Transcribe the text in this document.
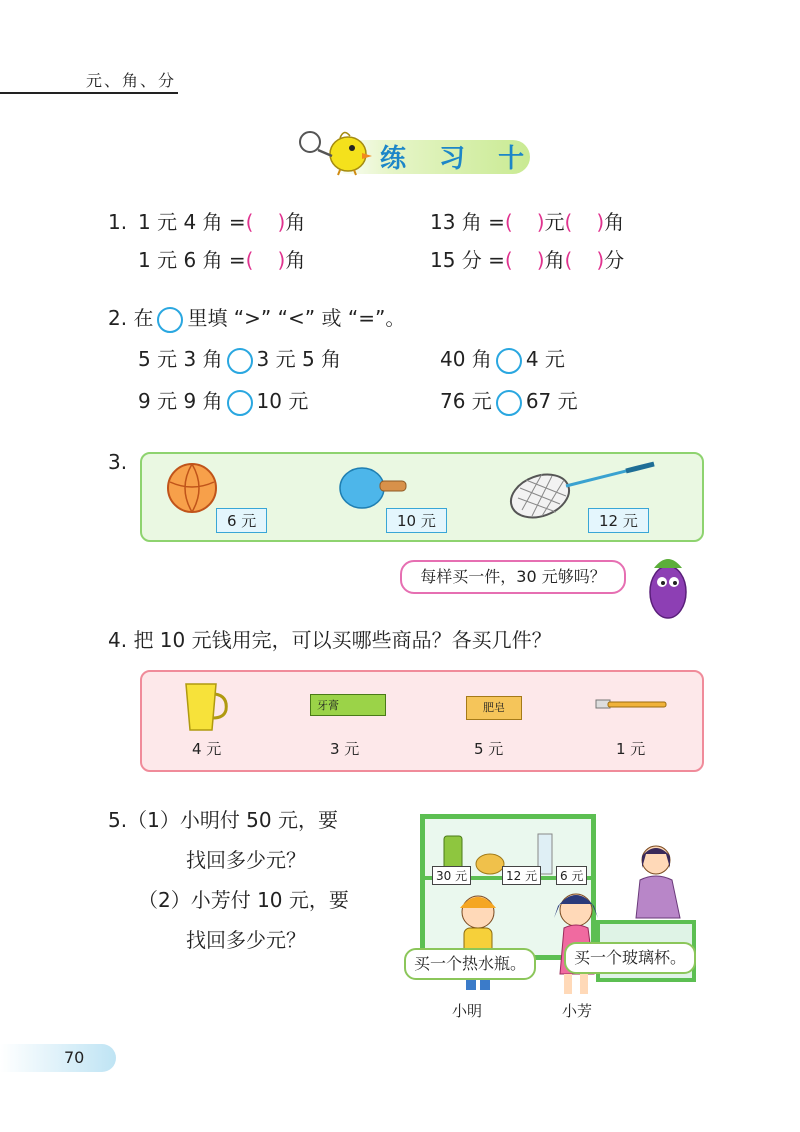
元、角、分
练 习 十
1. 1 元 4 角 =( )角	13 角 =( )元( )角
1 元 6 角 =( )角	15 分 =( )角( )分
2. 在 里填 “>” “<” 或 “=”。
5 元 3 角 3 元 5 角	40 角 4 元
9 元 9 角 10 元	76 元 67 元
3.
6 元	10 元	12 元
每样买一件，30 元够吗？
4. 把 10 元钱用完，可以买哪些商品？各买几件？
4 元
牙膏
3 元
肥皂
5 元	1 元
5.（1）小明付 50 元，要
找回多少元？
（2）小芳付 10 元，要
找回多少元？
30 元	12 元	6 元
买一个热水瓶。	买一个玻璃杯。
小明	小芳
70
